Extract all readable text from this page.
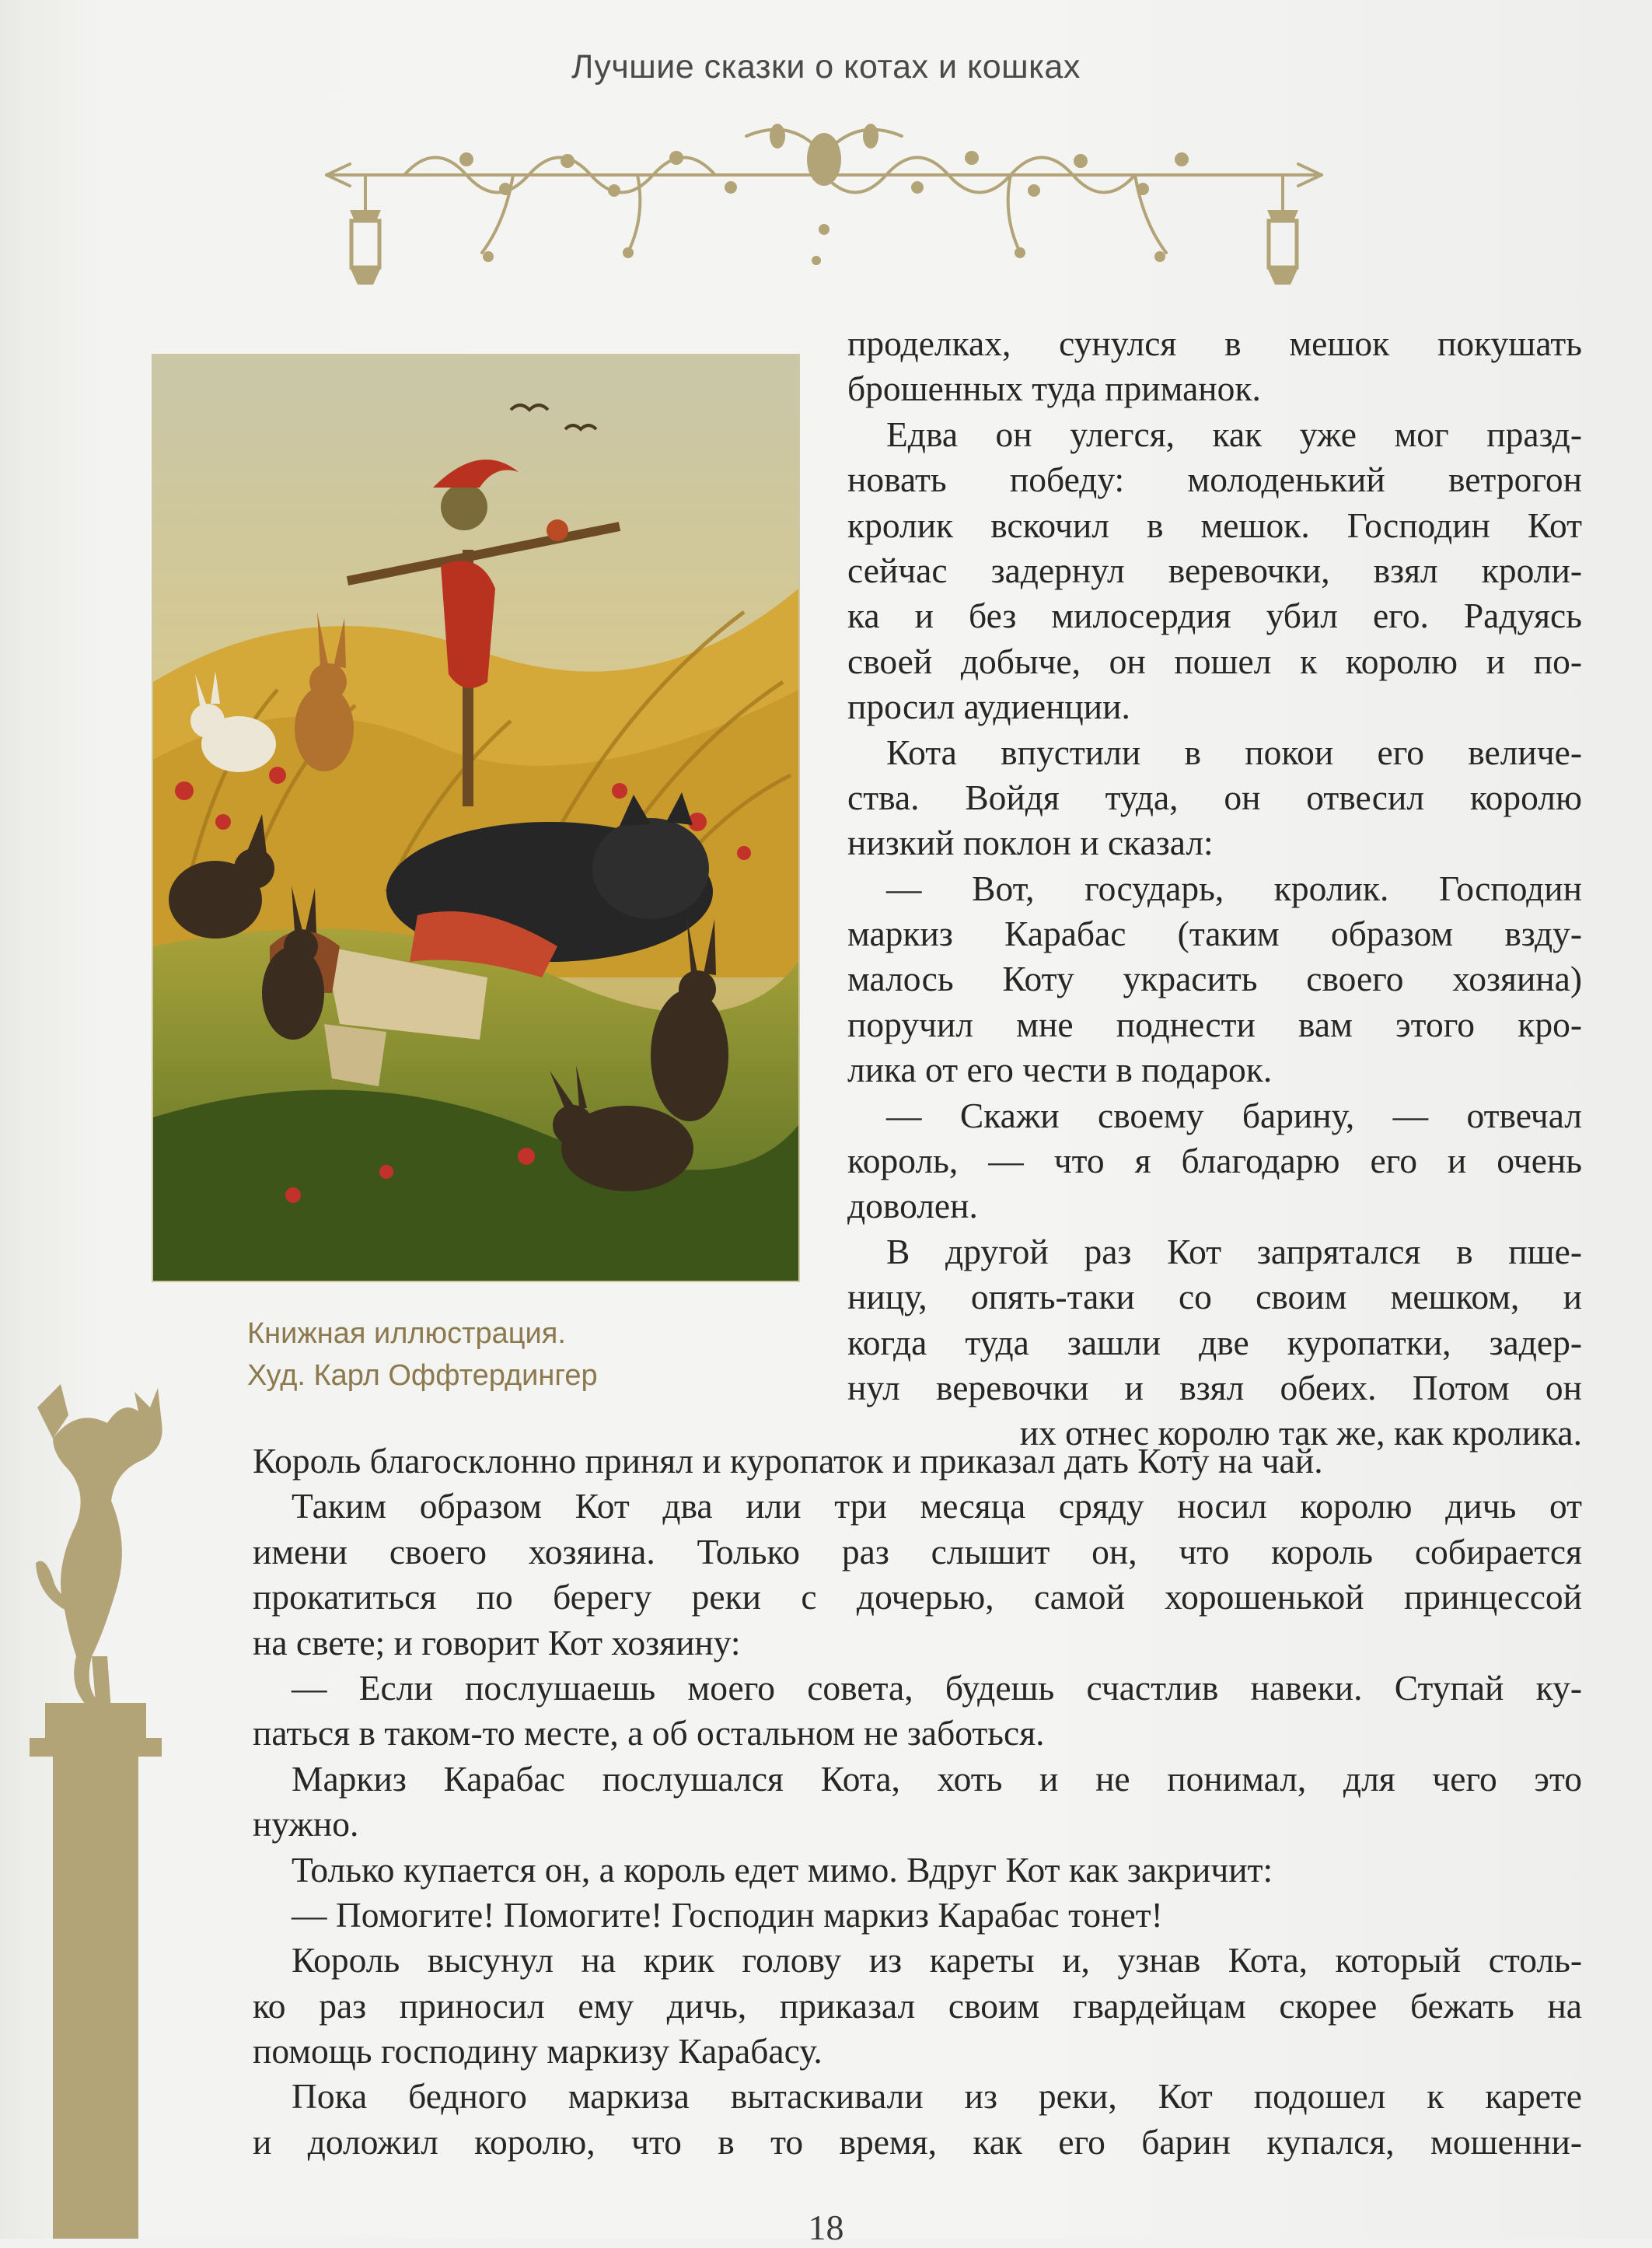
Лучшие сказки о котах и кошках
Книжная иллюстрация.
Худ. Карл Оффтердингер
проделках, сунулся в мешок покушать
брошенных туда приманок.
Едва он улегся, как уже мог празд-
новать победу: молоденький ветрогон
кролик вскочил в мешок. Господин Кот
сейчас задернул веревочки, взял кроли-
ка и без милосердия убил его. Радуясь
своей добыче, он пошел к королю и по-
просил аудиенции.
Кота впустили в покои его величе-
ства. Войдя туда, он отвесил королю
низкий поклон и сказал:
— Вот, государь, кролик. Господин
маркиз Карабас (таким образом взду-
малось Коту украсить своего хозяина)
поручил мне поднести вам этого кро-
лика от его чести в подарок.
— Скажи своему барину, — отвечал
король, — что я благодарю его и очень
доволен.
В другой раз Кот запрятался в пше-
ницу, опять-таки со своим мешком, и
когда туда зашли две куропатки, задер-
нул веревочки и взял обеих. Потом он
их отнес королю так же, как кролика.
Король благосклонно принял и куропаток и приказал дать Коту на чай.
Таким образом Кот два или три месяца сряду носил королю дичь от
имени своего хозяина. Только раз слышит он, что король собирается
прокатиться по берегу реки с дочерью, самой хорошенькой принцессой
на свете; и говорит Кот хозяину:
— Если послушаешь моего совета, будешь счастлив навеки. Ступай ку-
паться в таком-то месте, а об остальном не заботься.
Маркиз Карабас послушался Кота, хоть и не понимал, для чего это
нужно.
Только купается он, а король едет мимо. Вдруг Кот как закричит:
— Помогите! Помогите! Господин маркиз Карабас тонет!
Король высунул на крик голову из кареты и, узнав Кота, который столь-
ко раз приносил ему дичь, приказал своим гвардейцам скорее бежать на
помощь господину маркизу Карабасу.
Пока бедного маркиза вытаскивали из реки, Кот подошел к карете
и доложил королю, что в то время, как его барин купался, мошенни-
18
